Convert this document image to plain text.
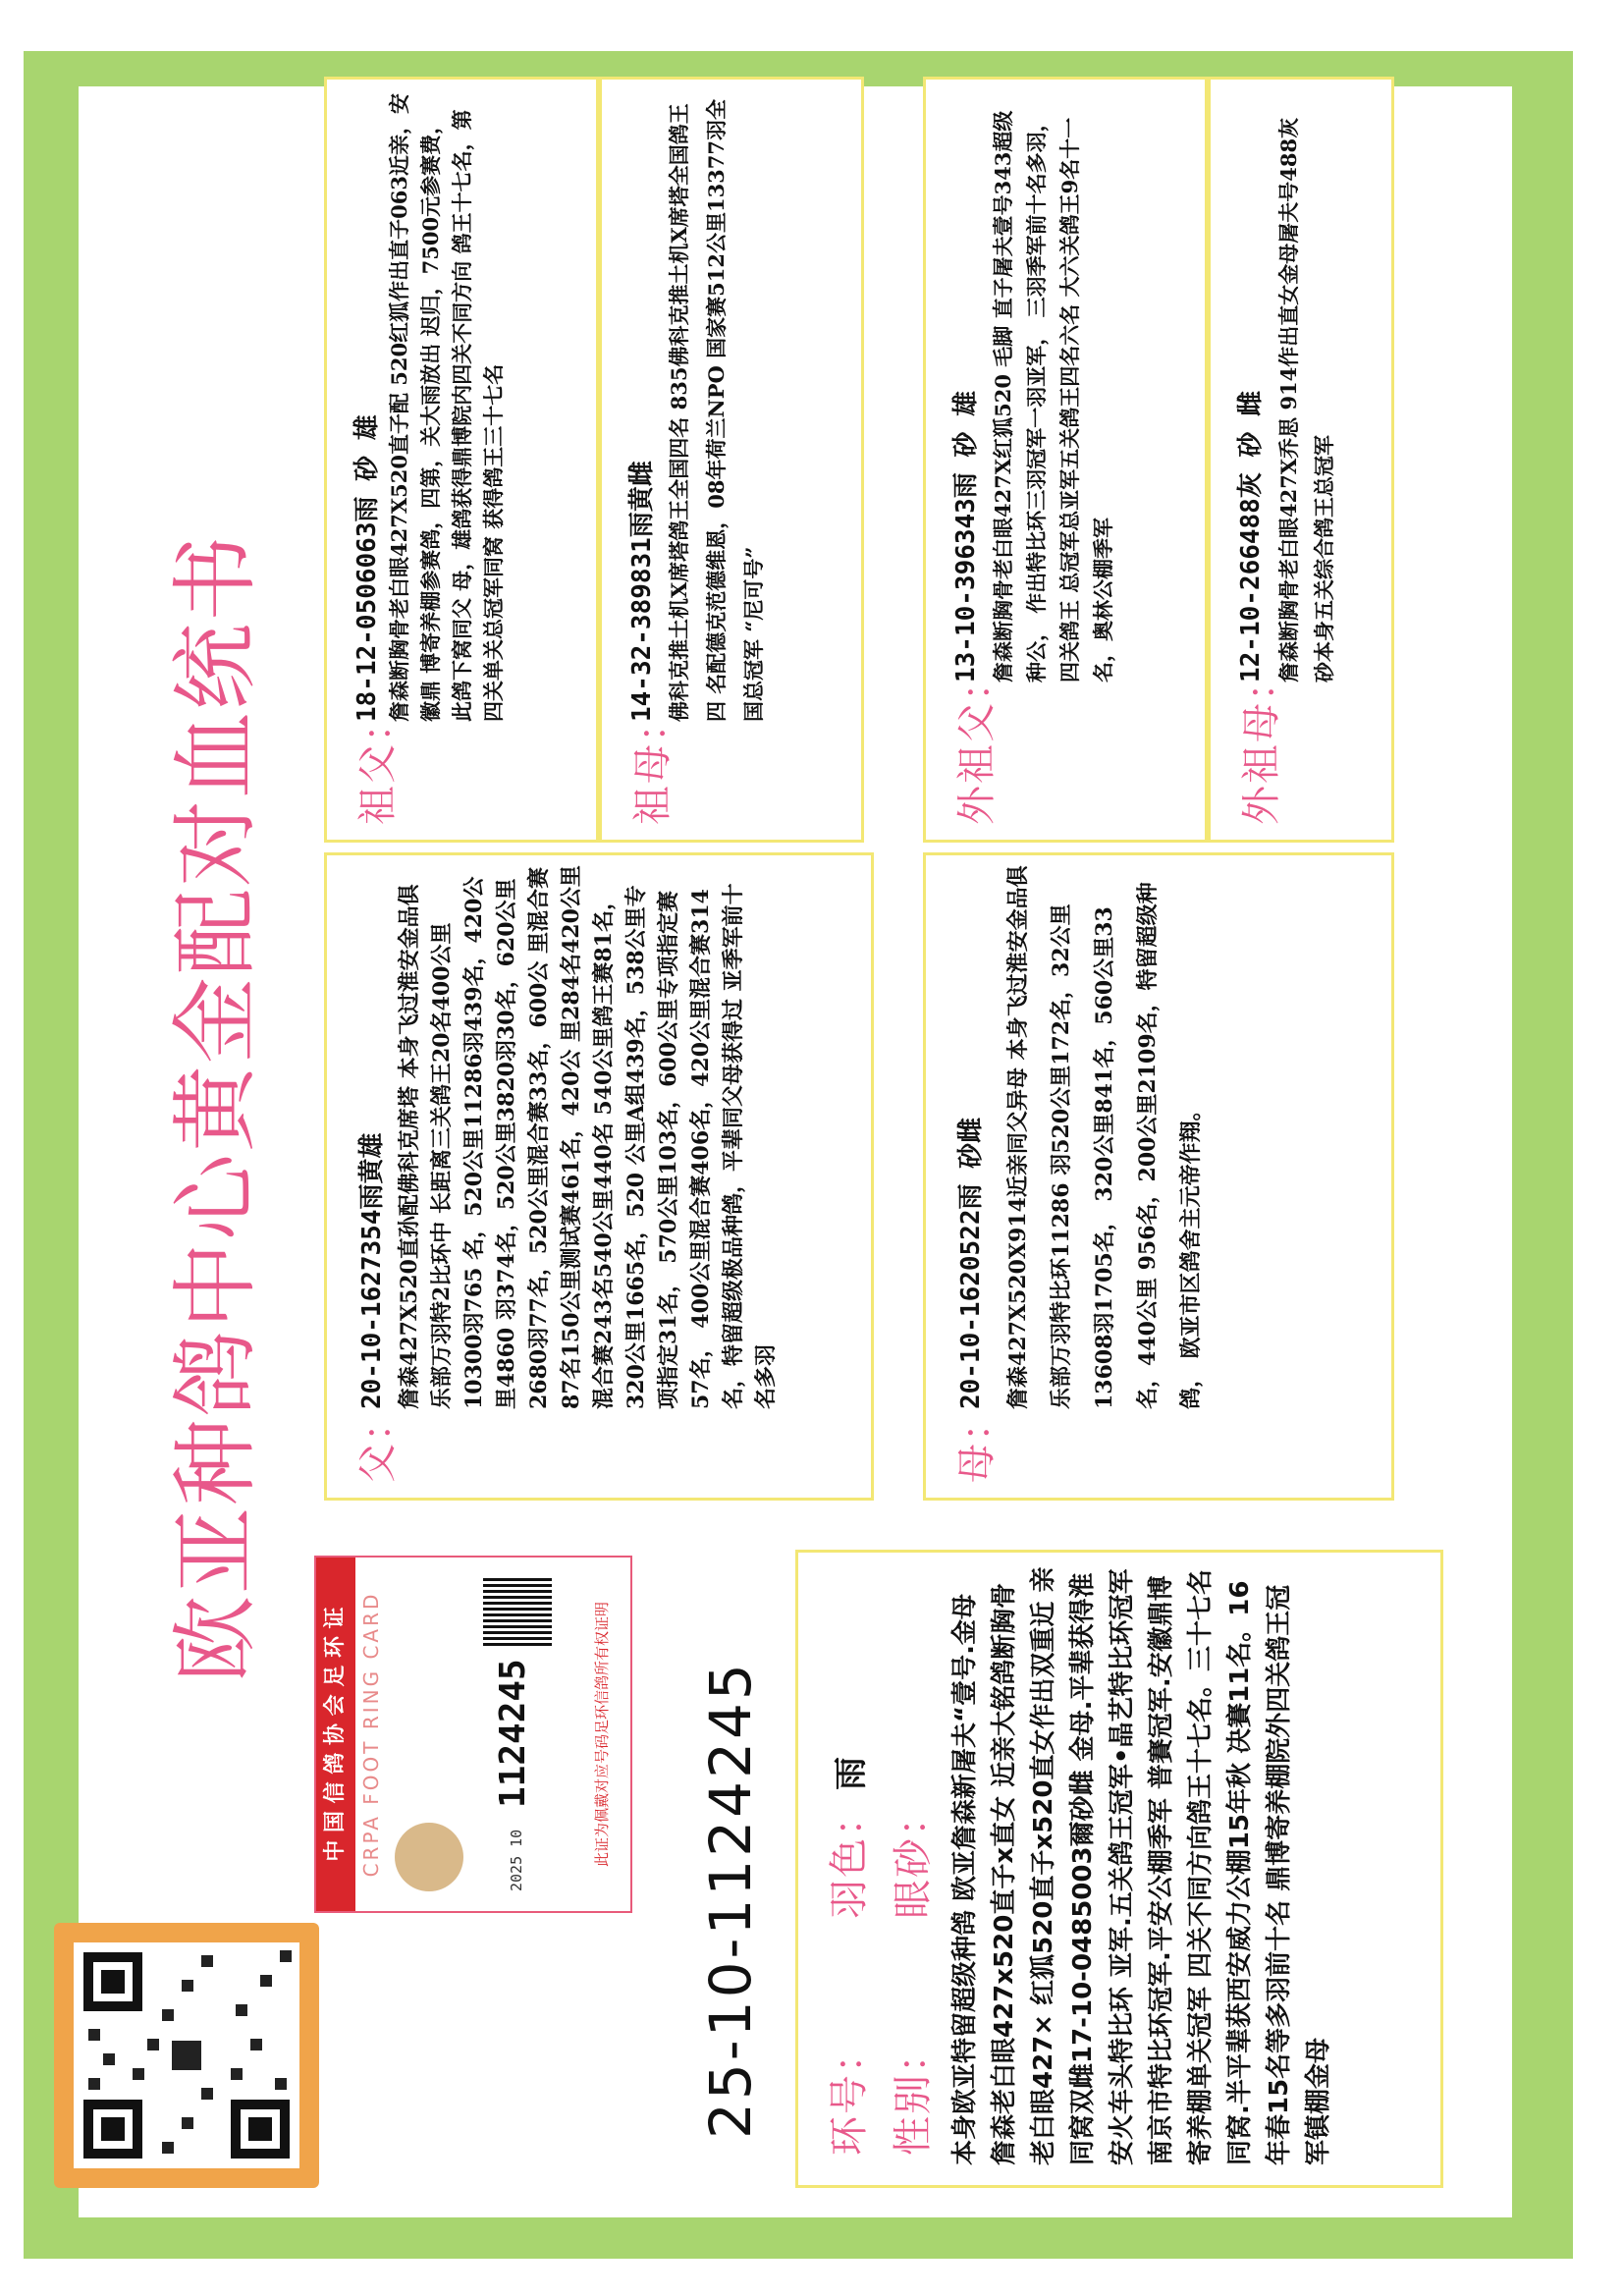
欧亚种鸽中心黄金配对血统书
中 国 信 鸽 协 会 足 环 证 CRPA FOOT RING CARD	2025 10
1124245	此证为佩戴对应号码足环信鸽所有权证明 25-10-1124245 环号： 羽色： 雨
性别： 眼砂： 本身欧亚特留超级种鸽 欧亚詹森新屠夫“壹号.金母 詹森老白眼427x520直子x直女 近亲大铭鸽断胸骨老白眼427× 红狐520直子x520直女作出双重近 亲同窝双雌17-10-0485003爾砂雌 金母.平辈获得淮安火车头特比环 亚军.五关鸽王冠军•晶艺特比环冠军 南京市特比环冠军.平安公棚季军 普賽冠军.安徽鼎博寄养棚单关冠军 四关不同方向鸽王十七名。三十七名 同窝.半平辈获西安威力公棚15年秋 决賽11名。16年春15名等多羽前十名 鼎博寄养棚院外四关鸽王冠军镇棚金母
父：
20-10-1627354雨黄雄 詹森427X520直孙配佛科克席塔 本身飞过淮安金品俱乐部万羽特2比环中 长距离三关鸽王20名400公里10300羽765 名，520公里11286羽439名，420公里4860 羽374名，520公里3820羽30名，620公里 2680羽77名，520公里混合赛33名，600公 里混合赛87名150公里测试赛461名，420公 里284名420公里混合赛243名540公里440名 540公里鸽王赛81名，320公里1665名，520 公里A组439名，538公里专项指定31名， 570公里103名，600公里专项指定赛57名， 400公里混合赛406名，420公里混合赛314 名，特留超级极品种鸽，平辈同父母获得过 亚季军前十名多羽
母：
20-10-1620522雨 砂雌 詹森427X520X914近亲同父异母 本身飞过淮安金品俱乐部万羽特比环11286 羽520公里172名，32公里13608羽1705名， 320公里841名，560公里33名，440公里 956名，200公里2109名，特留超级种鸽， 欧亚市区鸽舍主元帝作翔。
祖父：
18-12-0506063雨 砂 雄 詹森断胸骨老白眼427X520直子配 520红狐作出直子063近亲，安徽鼎 博寄养棚参赛鸽，四第，关大雨放出 迟归，7500元参赛费，此鸽下窝同父 母，雄鸽获得鼎博院内四关不同方向 鸽王十七名，第四关单关总冠军同窝 获得鸽王三十七名
祖母：
14-32-389831雨黄雌 佛科克推土机X席塔鸽王全国四名 835佛科克推土机X席塔全国鸽王四 名配德克范德维恩，08年荷兰NPO 国家赛512公里13377羽全国总冠军 “尼可号”
外祖父：
13-10-396343雨 砂 雄 詹森断胸骨老白眼427X红狐520 毛脚 直子屠夫壹号343超级种公， 作出特比环三羽冠军一羽亚军， 三羽季军前十名多羽，四关鸽王 总冠军总亚军五关鸽王四名六名 大六关鸽王9名十一名，奥林公棚季军
外祖母：
12-10-266488灰 砂 雌 詹森断胸骨老白眼427X乔思 914作出直女金母屠夫号488灰 砂本身五关综合鸽王总冠军
